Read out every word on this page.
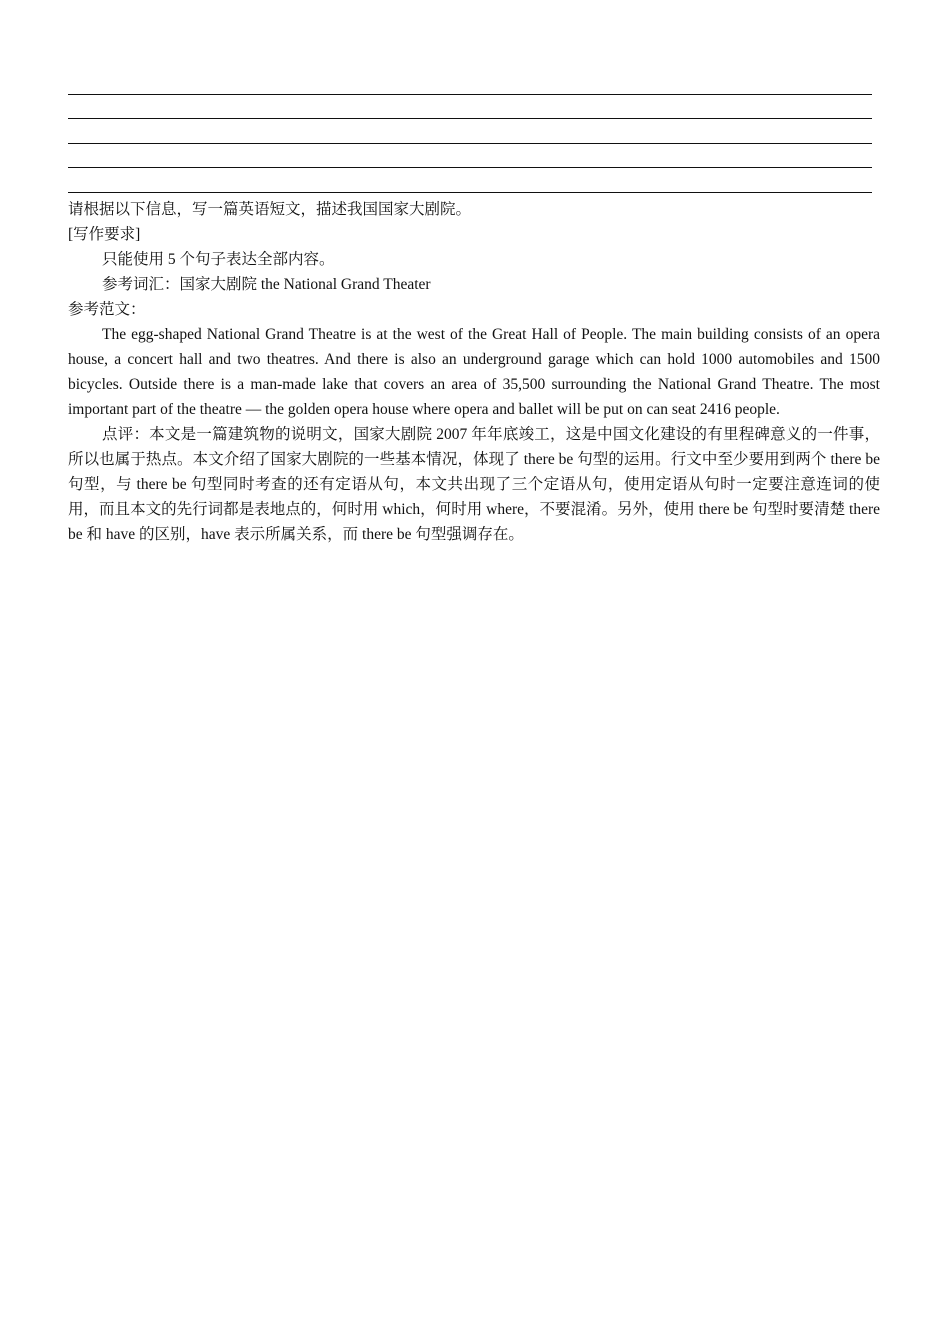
请根据以下信息，写一篇英语短文，描述我国国家大剧院。

[写作要求]

只能使用 5 个句子表达全部内容。

参考词汇：国家大剧院 the National Grand Theater

参考范文：

The egg-shaped National Grand Theatre is at the west of the Great Hall of People. The main building consists of an opera house, a concert hall and two theatres. And there is also an underground garage which can hold 1000 automobiles and 1500 bicycles. Outside there is a man-made lake that covers an area of 35,500 surrounding the National Grand Theatre. The most important part of the theatre — the golden opera house where opera and ballet will be put on can seat 2416 people.

点评：本文是一篇建筑物的说明文，国家大剧院 2007 年年底竣工，这是中国文化建设的有里程碑意义的一件事，所以也属于热点。本文介绍了国家大剧院的一些基本情况，体现了 there be 句型的运用。行文中至少要用到两个 there be 句型，与 there be 句型同时考查的还有定语从句，本文共出现了三个定语从句，使用定语从句时一定要注意连词的使用，而且本文的先行词都是表地点的，何时用 which，何时用 where，不要混淆。另外，使用 there be 句型时要清楚 there be 和 have 的区别，have 表示所属关系，而 there be 句型强调存在。
